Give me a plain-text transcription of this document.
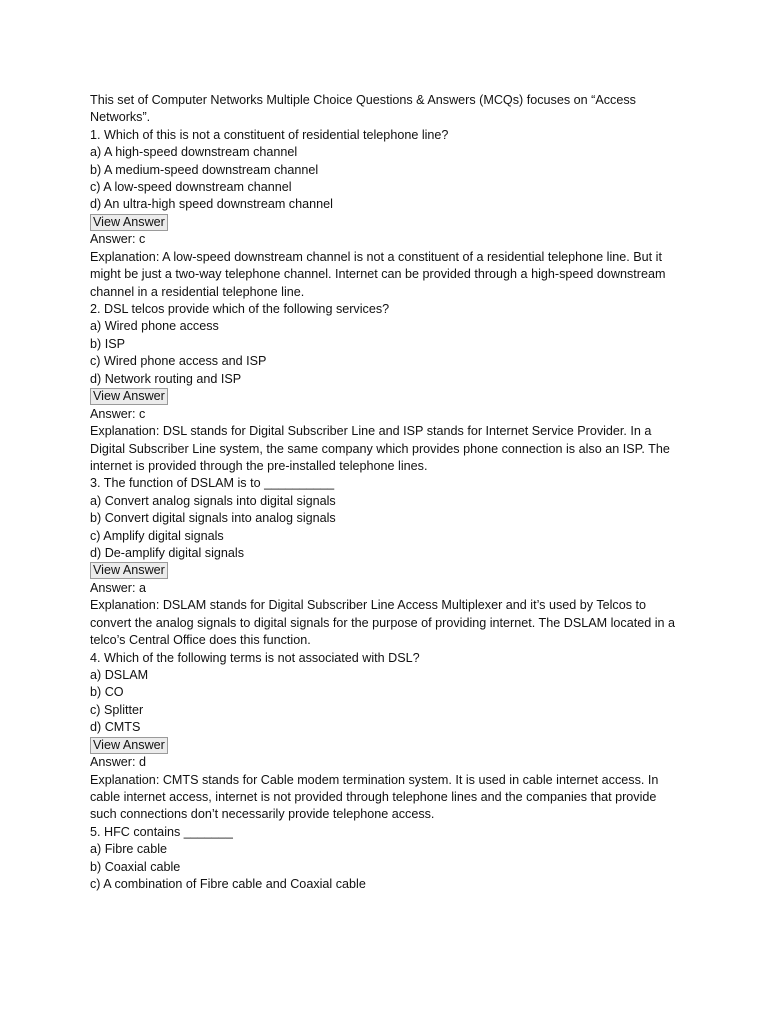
This set of Computer Networks Multiple Choice Questions & Answers (MCQs) focuses on “Access Networks”.
1. Which of this is not a constituent of residential telephone line?
a) A high-speed downstream channel
b) A medium-speed downstream channel
c) A low-speed downstream channel
d) An ultra-high speed downstream channel
View Answer
Answer: c
Explanation: A low-speed downstream channel is not a constituent of a residential telephone line. But it might be just a two-way telephone channel. Internet can be provided through a high-speed downstream channel in a residential telephone line.
2. DSL telcos provide which of the following services?
a) Wired phone access
b) ISP
c) Wired phone access and ISP
d) Network routing and ISP
View Answer
Answer: c
Explanation: DSL stands for Digital Subscriber Line and ISP stands for Internet Service Provider. In a Digital Subscriber Line system, the same company which provides phone connection is also an ISP. The internet is provided through the pre-installed telephone lines.
3. The function of DSLAM is to __________
a) Convert analog signals into digital signals
b) Convert digital signals into analog signals
c) Amplify digital signals
d) De-amplify digital signals
View Answer
Answer: a
Explanation: DSLAM stands for Digital Subscriber Line Access Multiplexer and it’s used by Telcos to convert the analog signals to digital signals for the purpose of providing internet. The DSLAM located in a telco’s Central Office does this function.
4. Which of the following terms is not associated with DSL?
a) DSLAM
b) CO
c) Splitter
d) CMTS
View Answer
Answer: d
Explanation: CMTS stands for Cable modem termination system. It is used in cable internet access. In cable internet access, internet is not provided through telephone lines and the companies that provide such connections don’t necessarily provide telephone access.
5. HFC contains _______
a) Fibre cable
b) Coaxial cable
c) A combination of Fibre cable and Coaxial cable
